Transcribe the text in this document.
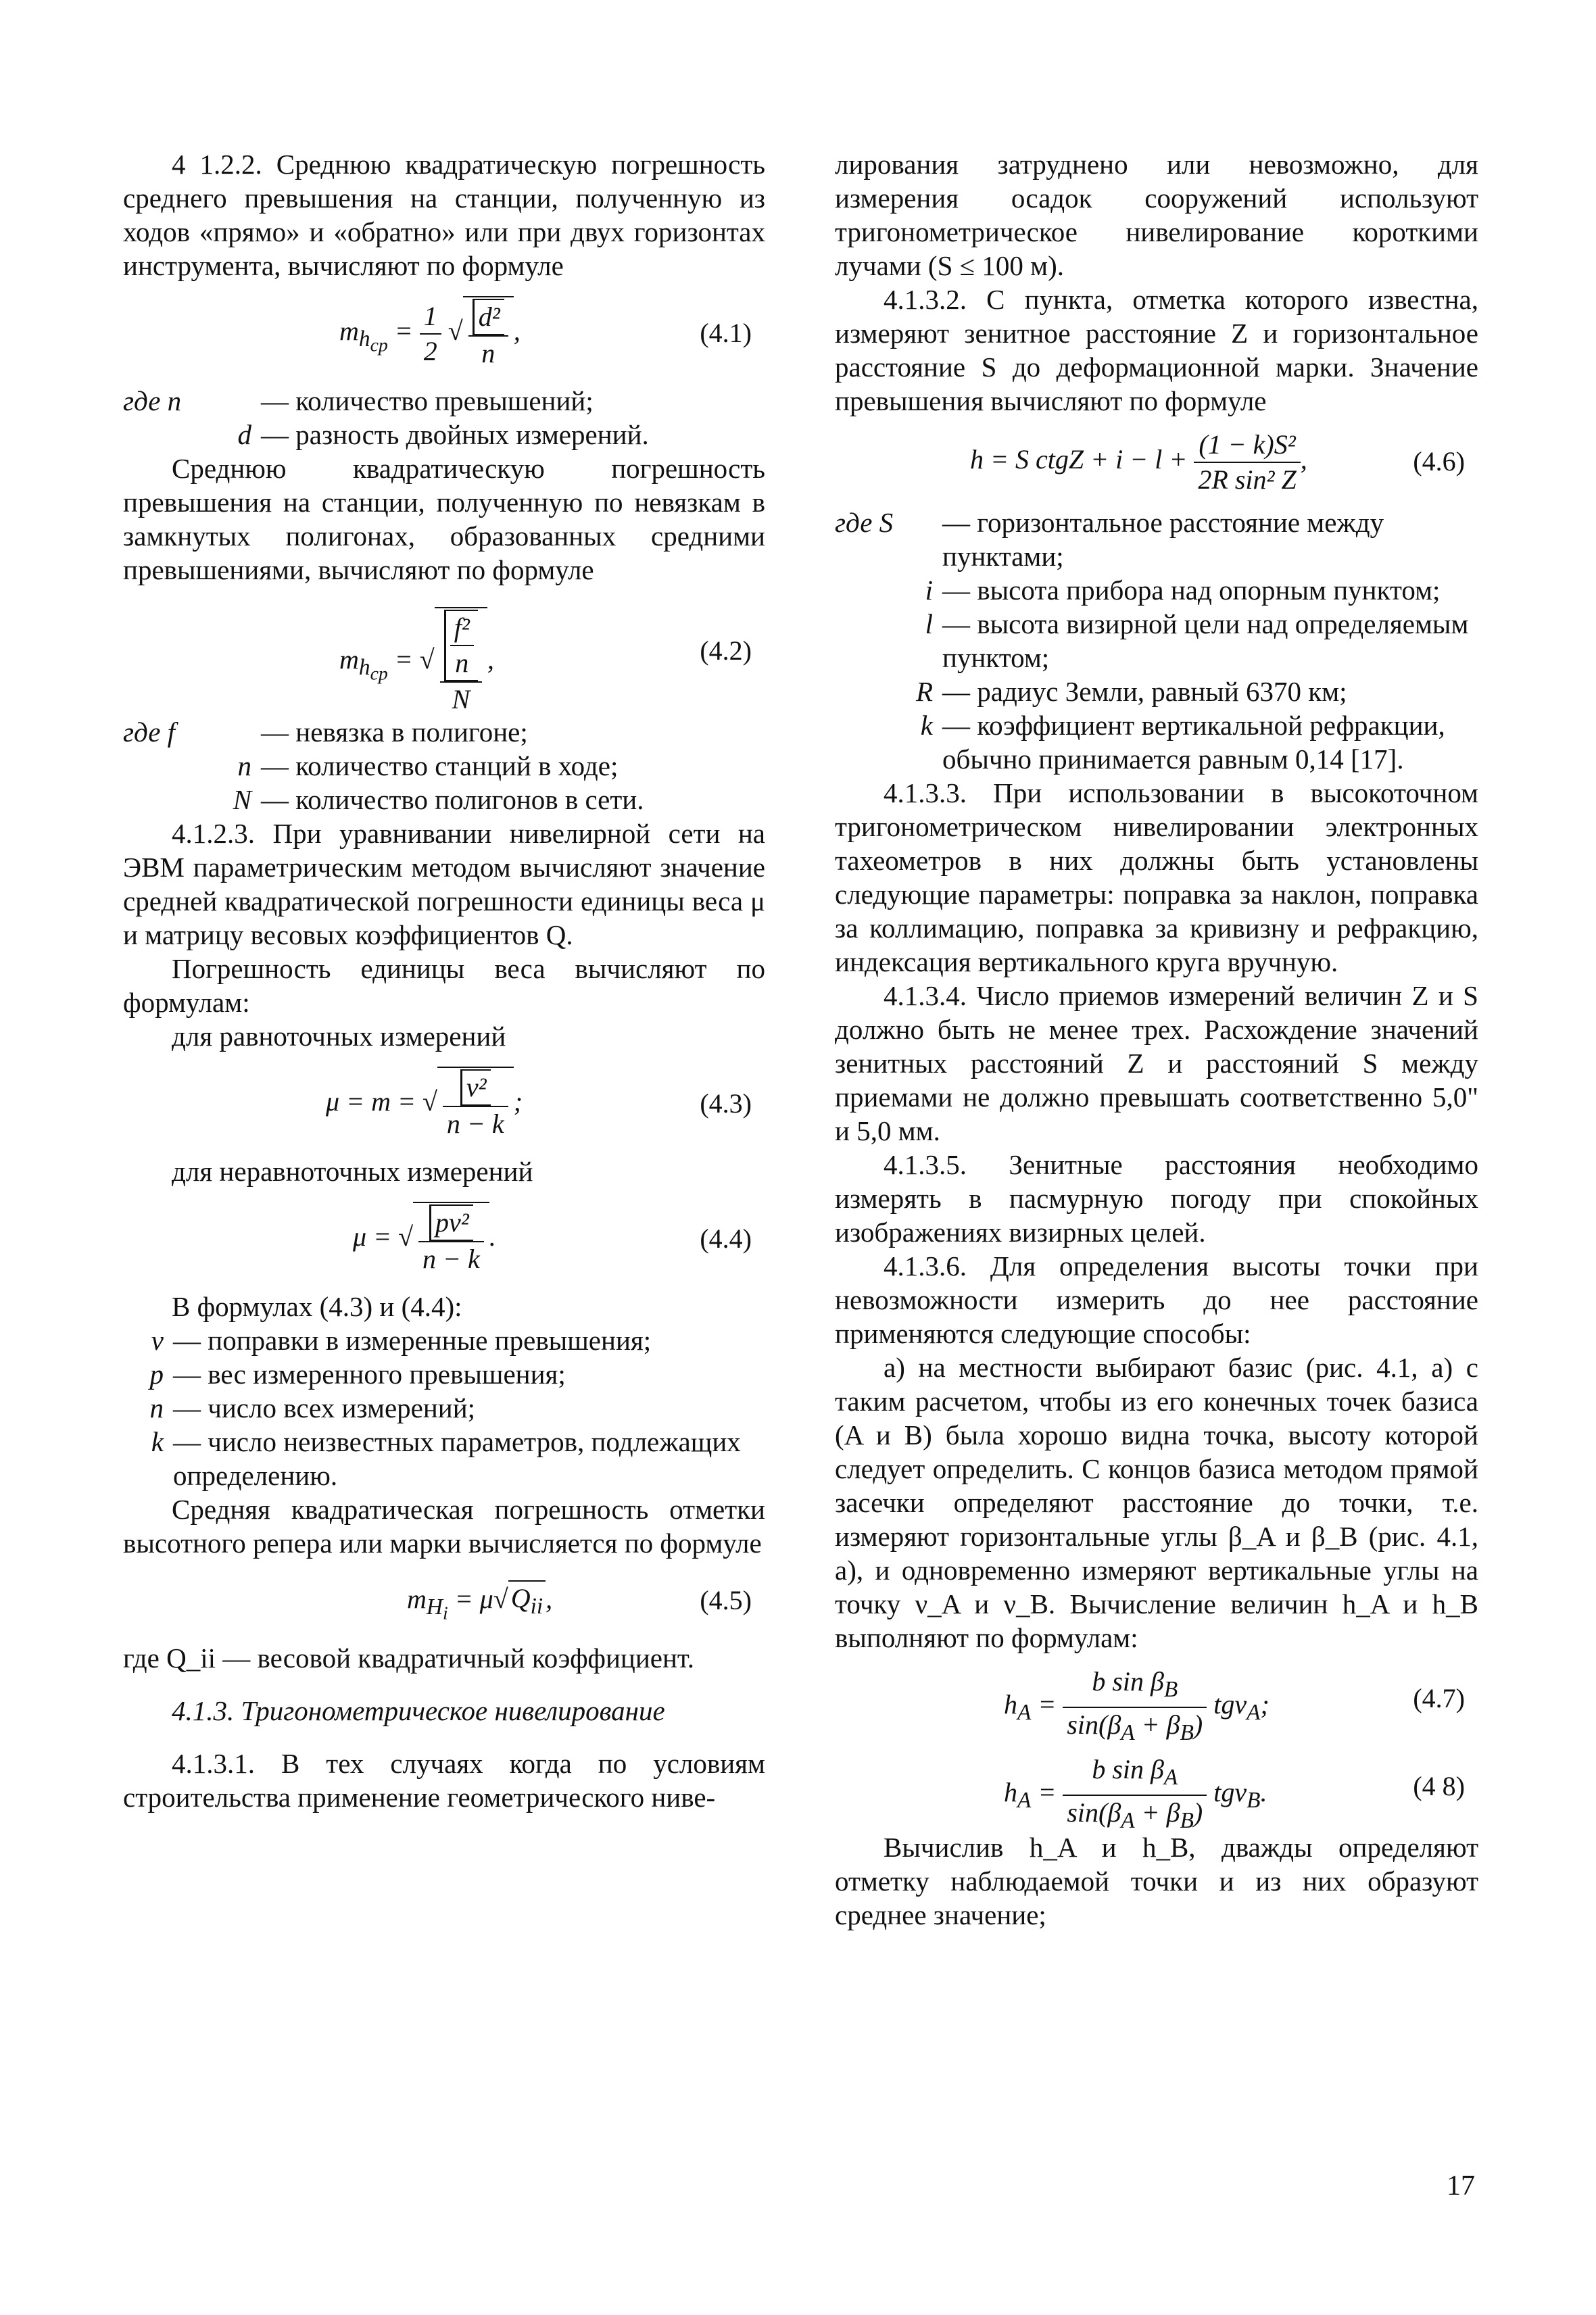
4 1.2.2. Среднюю квадратическую погрешность среднего превышения на станции, полученную из ходов «прямо» и «обратно» или при двух горизонтах инструмента, вычисляют по формуле

$m_{h_{ср}} = \frac{1}{2}$ √ $\frac{\text{d²}}{n}$ ,	(4.1)
где n	— количество превышений;
d — разность двойных измерений.

Среднюю квадратическую погрешность превышения на станции, полученную по невязкам в замкнутых полигонах, образованных средними превышениями, вычисляют по формуле

$m_{h_{ср}}$ = √ $\frac{\frac{\text{f²}}{n}}{N}$ ,	(4.2)
где f	— невязка в полигоне;
n — количество станций в ходе;
N — количество полигонов в сети.

4.1.2.3. При уравнивании нивелирной сети на ЭВМ параметрическим методом вычисляют значение средней квадратической погрешности единицы веса μ и матрицу весовых коэффициентов Q.

Погрешность единицы веса вычисляют по формулам:

для равноточных измерений

μ = m = √ $\frac{\text{ν²}}{n - k}$ ;	(4.3)

для неравноточных измерений

μ = √ $\frac{\text{pν²}}{n - k}$ .	(4.4)

В формулах (4.3) и (4.4):

v — поправки в измеренные превышения;
p — вес измеренного превышения;
n — число всех измерений;
k — число неизвестных параметров, подлежащих определению.

Средняя квадратическая погрешность отметки высотного репера или марки вычисляется по формуле

$m_{H_i} = \mu√$ $Q_{ii}$ ,	(4.5)

где Q_ii — весовой квадратичный коэффициент.

4.1.3. Тригонометрическое нивелирование

4.1.3.1. В тех случаях когда по условиям строительства применение геометрического ниве-

лирования затруднено или невозможно, для измерения осадок сооружений используют тригонометрическое нивелирование короткими лучами (S ≤ 100 м).

4.1.3.2. С пункта, отметка которого известна, измеряют зенитное расстояние Z и горизонтальное расстояние S до деформационной марки. Значение превышения вычисляют по формуле

h = S ctgZ + $i - l + \frac{\text{(1 − k)S²}}{\text{2R sin² Z}}$ ,	(4.6)
где S	— горизонтальное расстояние между пунктами;
i — высота прибора над опорным пунктом;
l — высота визирной цели над определяемым пунктом;
R — радиус Земли, равный 6370 км;
k — коэффициент вертикальной рефракции, обычно принимается равным 0,14 [17].

4.1.3.3. При использовании в высокоточном тригонометрическом нивелировании электронных тахеометров в них должны быть установлены следующие параметры: поправка за наклон, поправка за коллимацию, поправка за кривизну и рефракцию, индексация вертикального круга вручную.

4.1.3.4. Число приемов измерений величин Z и S должно быть не менее трех. Расхождение значений зенитных расстояний Z и расстояний S между приемами не должно превышать соответственно 5,0" и 5,0 мм.

4.1.3.5. Зенитные расстояния необходимо измерять в пасмурную погоду при спокойных изображениях визирных целей.

4.1.3.6. Для определения высоты точки при невозможности измерить до нее расстояние применяются следующие способы:

а) на местности выбирают базис (рис. 4.1, а) с таким расчетом, чтобы из его конечных точек базиса (A и B) была хорошо видна точка, высоту которой следует определить. С концов базиса методом прямой засечки определяют расстояние до точки, т.е. измеряют горизонтальные углы β_A и β_B (рис. 4.1, а), и одновременно измеряют вертикальные углы на точку ν_A и ν_B. Вычисление величин h_A и h_B выполняют по формулам:

$h_A = \frac{b \sin \beta_B}{\sin(\beta_A + \beta_B)} tg\nu_A$;	(4.7)
$h_A = \frac{b \sin \beta_A}{\sin(\beta_A + \beta_B)} tg\nu_B$.	(4 8)

Вычислив h_A и h_B, дважды определяют отметку наблюдаемой точки и из них образуют среднее значение;

17
